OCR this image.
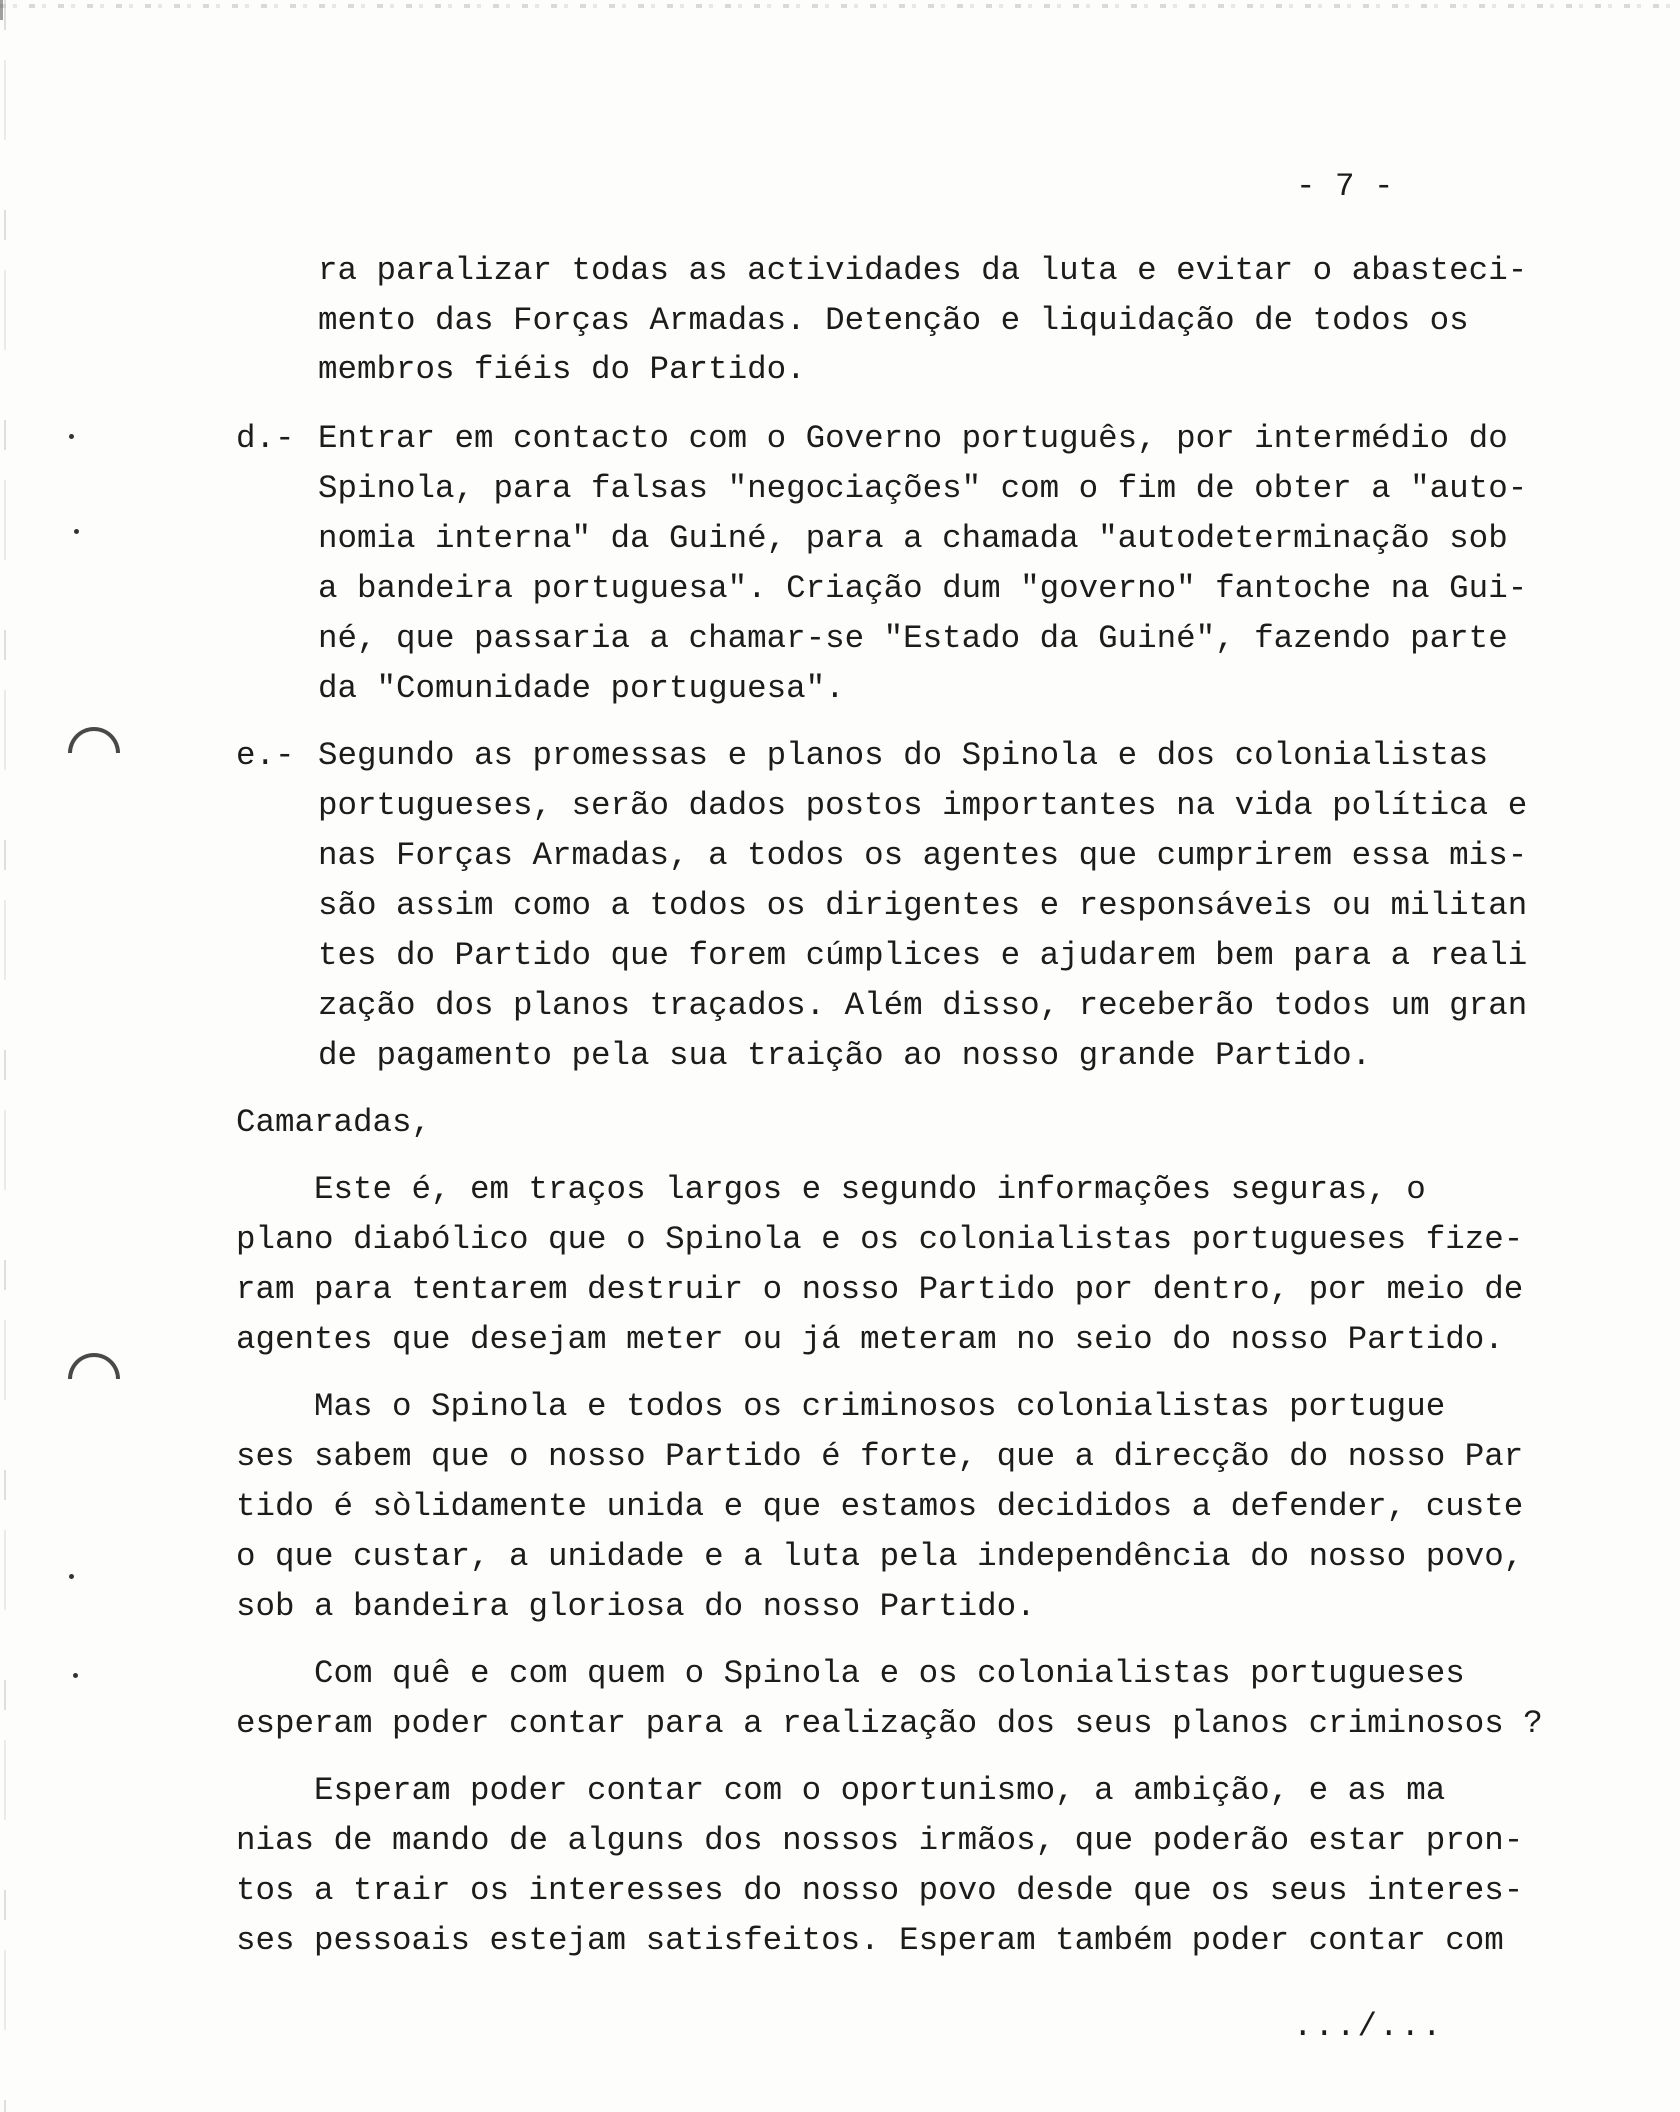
- 7 -
ra paralizar todas as actividades da luta e evitar o abasteci-
mento das Forças Armadas. Detenção e liquidação de todos os
membros fiéis do Partido.
d.- Entrar em contacto com o Governo português, por intermédio do
Spinola, para falsas "negociações" com o fim de obter a "auto-
nomia interna" da Guiné, para a chamada "autodeterminação sob
a bandeira portuguesa". Criação dum "governo" fantoche na Gui-
né, que passaria a chamar-se "Estado da Guiné", fazendo parte
da "Comunidade portuguesa".
e.- Segundo as promessas e planos do Spinola e dos colonialistas
portugueses, serão dados postos importantes na vida política e
nas Forças Armadas, a todos os agentes que cumprirem essa mis-
são assim como a todos os dirigentes e responsáveis ou militan
tes do Partido que forem cúmplices e ajudarem bem para a reali
zação dos planos traçados. Além disso, receberão todos um gran
de pagamento pela sua traição ao nosso grande Partido.
Camaradas,
Este é, em traços largos e segundo informações seguras, o
plano diabólico que o Spinola e os colonialistas portugueses fize-
ram para tentarem destruir o nosso Partido por dentro, por meio de
agentes que desejam meter ou já meteram no seio do nosso Partido.
Mas o Spinola e todos os criminosos colonialistas portugue
ses sabem que o nosso Partido é forte, que a direcção do nosso Par
tido é sòlidamente unida e que estamos decididos a defender, custe
o que custar, a unidade e a luta pela independência do nosso povo,
sob a bandeira gloriosa do nosso Partido.
Com quê e com quem o Spinola e os colonialistas portugueses
esperam poder contar para a realização dos seus planos criminosos ?
Esperam poder contar com o oportunismo, a ambição, e as ma
nias de mando de alguns dos nossos irmãos, que poderão estar pron-
tos a trair os interesses do nosso povo desde que os seus interes-
ses pessoais estejam satisfeitos. Esperam também poder contar com
.../...
